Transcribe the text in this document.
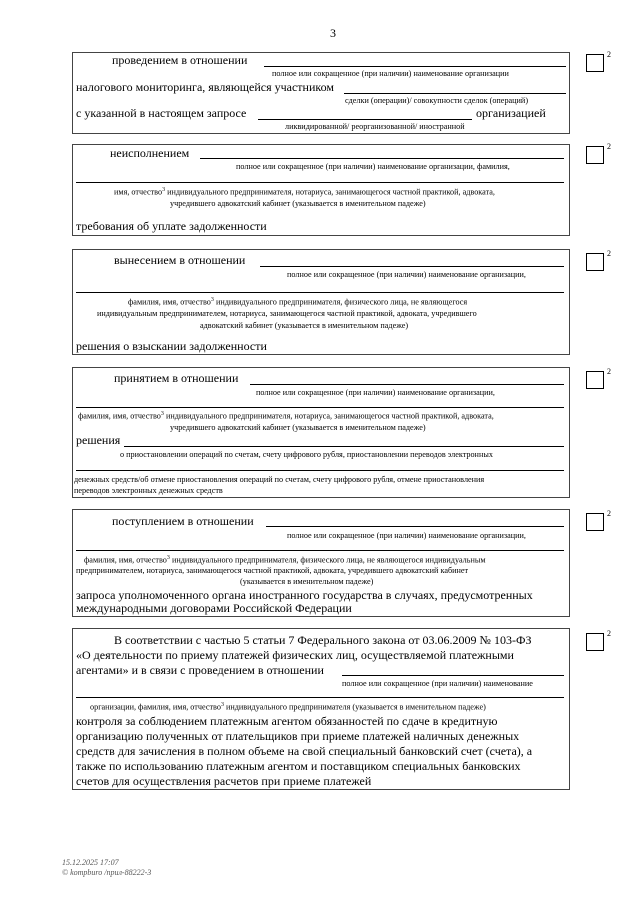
3
2
проведением в отношении
полное или сокращенное (при наличии) наименование организации
налогового мониторинга, являющейся участником
сделки (операции)/ совокупности сделок (операций)
с указанной в настоящем запросе	организацией
ликвидированной/ реорганизованной/ иностранной
2
неисполнением
полное или сокращенное (при наличии) наименование организации, фамилия,
имя, отчество$^3$ индивидуального предпринимателя, нотариуса, занимающегося частной практикой, адвоката,
учредившего адвокатский кабинет (указывается в именительном падеже)
требования об уплате задолженности
2
вынесением в отношении
полное или сокращенное (при наличии) наименование организации,
фамилия, имя, отчество$^3$ индивидуального предпринимателя, физического лица, не являющегося
индивидуальным предпринимателем, нотариуса, занимающегося частной практикой, адвоката, учредившего
адвокатский кабинет (указывается в именительном падеже)
решения о взыскании задолженности
2
принятием в отношении
полное или сокращенное (при наличии) наименование организации,
фамилия, имя, отчество$^3$ индивидуального предпринимателя, нотариуса, занимающегося частной практикой, адвоката,
учредившего адвокатский кабинет (указывается в именительном падеже)
решения
о приостановлении операций по счетам, счету цифрового рубля, приостановлении переводов электронных
денежных средств/об отмене приостановления операций по счетам, счету цифрового рубля, отмене приостановления
переводов электронных денежных средств
2
поступлением в отношении
полное или сокращенное (при наличии) наименование организации,
фамилия, имя, отчество$^3$ индивидуального предпринимателя, физического лица, не являющегося индивидуальным
предпринимателем, нотариуса, занимающегося частной практикой, адвоката, учредившего адвокатский кабинет
(указывается в именительном падеже)
запроса уполномоченного органа иностранного государства в случаях, предусмотренных
международными договорами Российской Федерации
2
В соответствии с частью 5 статьи 7 Федерального закона от 03.06.2009 № 103-ФЗ
«О деятельности по приему платежей физических лиц, осуществляемой платежными
агентами» и в связи с проведением в отношении
полное или сокращенное (при наличии) наименование
организации, фамилия, имя, отчество$^3$ индивидуального предпринимателя (указывается в именительном падеже)
контроля за соблюдением платежным агентом обязанностей по сдаче в кредитную
организацию полученных от плательщиков при приеме платежей наличных денежных
средств для зачисления в полном объеме на свой специальный банковский счет (счета), а
также по использованию платежным агентом и поставщиком специальных банковских
счетов для осуществления расчетов при приеме платежей
15.12.2025 17:07
© kompburo /npuл-88222-3
